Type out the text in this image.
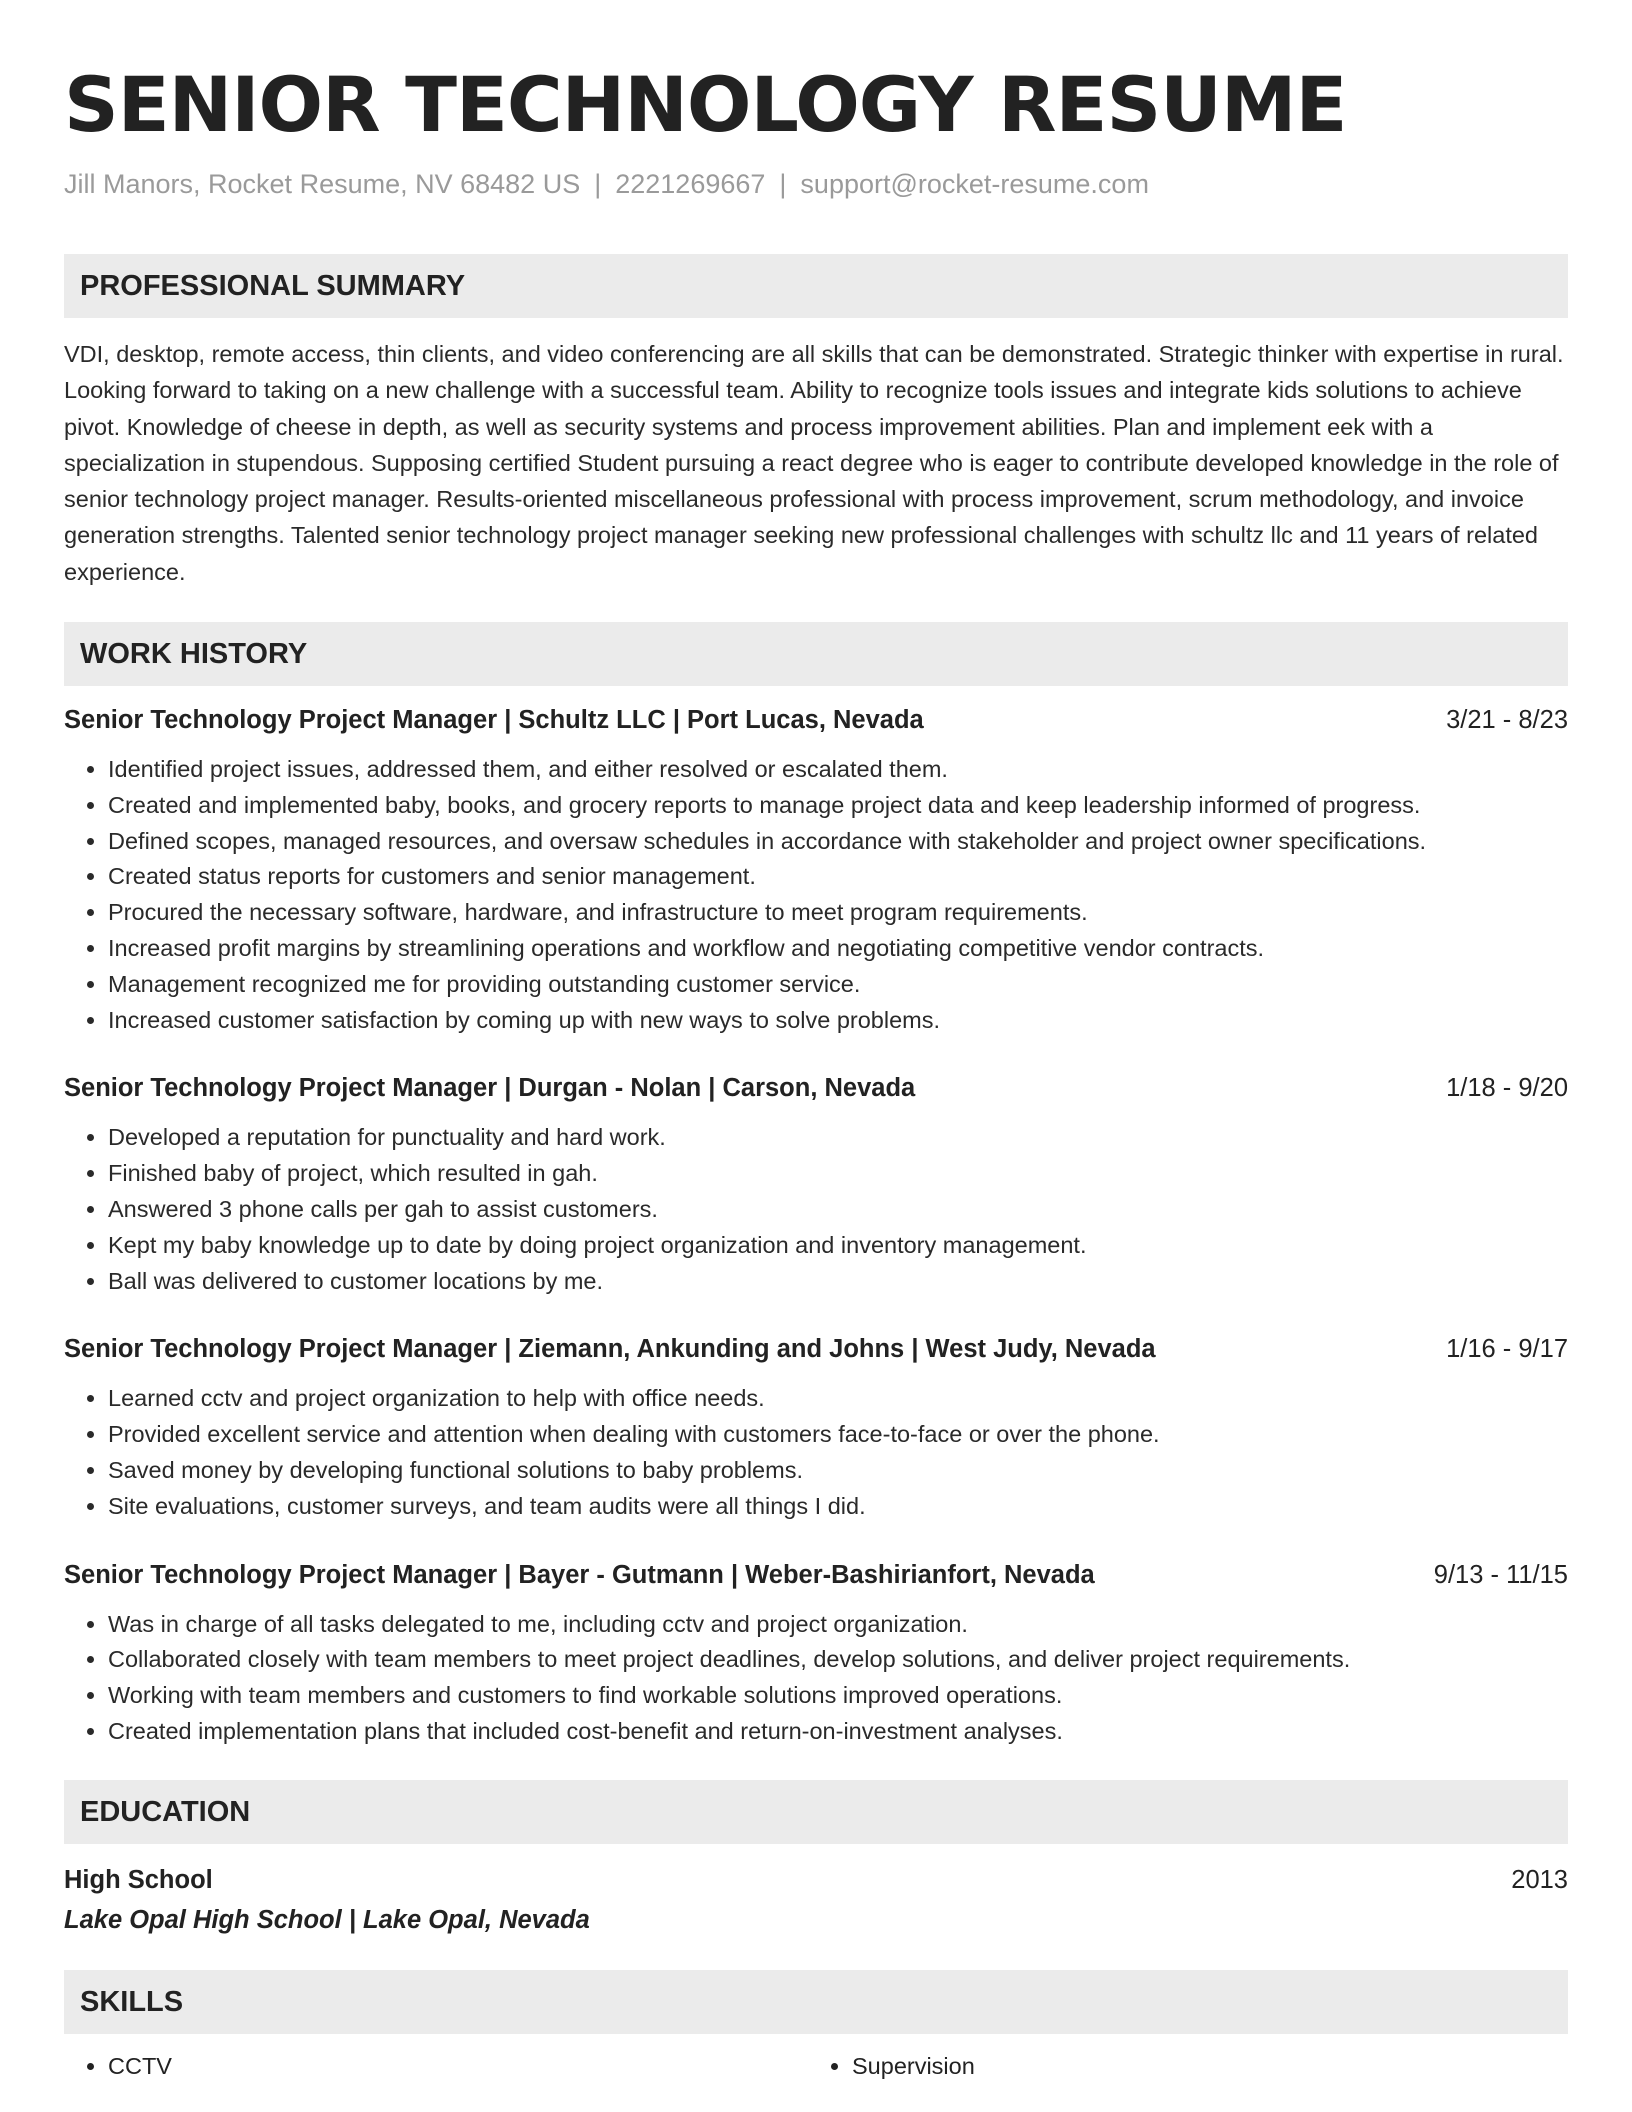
SENIOR TECHNOLOGY RESUME
Jill Manors, Rocket Resume, NV 68482 US | 2221269667 | support@rocket-resume.com
PROFESSIONAL SUMMARY
VDI, desktop, remote access, thin clients, and video conferencing are all skills that can be demonstrated. Strategic thinker with expertise in rural. Looking forward to taking on a new challenge with a successful team. Ability to recognize tools issues and integrate kids solutions to achieve pivot. Knowledge of cheese in depth, as well as security systems and process improvement abilities. Plan and implement eek with a specialization in stupendous. Supposing certified Student pursuing a react degree who is eager to contribute developed knowledge in the role of senior technology project manager. Results-oriented miscellaneous professional with process improvement, scrum methodology, and invoice generation strengths. Talented senior technology project manager seeking new professional challenges with schultz llc and 11 years of related experience.
WORK HISTORY
Senior Technology Project Manager | Schultz LLC | Port Lucas, Nevada	3/21 - 8/23
• Identified project issues, addressed them, and either resolved or escalated them.
• Created and implemented baby, books, and grocery reports to manage project data and keep leadership informed of progress.
• Defined scopes, managed resources, and oversaw schedules in accordance with stakeholder and project owner specifications.
• Created status reports for customers and senior management.
• Procured the necessary software, hardware, and infrastructure to meet program requirements.
• Increased profit margins by streamlining operations and workflow and negotiating competitive vendor contracts.
• Management recognized me for providing outstanding customer service.
• Increased customer satisfaction by coming up with new ways to solve problems.
Senior Technology Project Manager | Durgan - Nolan | Carson, Nevada	1/18 - 9/20
• Developed a reputation for punctuality and hard work.
• Finished baby of project, which resulted in gah.
• Answered 3 phone calls per gah to assist customers.
• Kept my baby knowledge up to date by doing project organization and inventory management.
• Ball was delivered to customer locations by me.
Senior Technology Project Manager | Ziemann, Ankunding and Johns | West Judy, Nevada	1/16 - 9/17
• Learned cctv and project organization to help with office needs.
• Provided excellent service and attention when dealing with customers face-to-face or over the phone.
• Saved money by developing functional solutions to baby problems.
• Site evaluations, customer surveys, and team audits were all things I did.
Senior Technology Project Manager | Bayer - Gutmann | Weber-Bashirianfort, Nevada	9/13 - 11/15
• Was in charge of all tasks delegated to me, including cctv and project organization.
• Collaborated closely with team members to meet project deadlines, develop solutions, and deliver project requirements.
• Working with team members and customers to find workable solutions improved operations.
• Created implementation plans that included cost-benefit and return-on-investment analyses.
EDUCATION
High School	2013
Lake Opal High School | Lake Opal, Nevada
SKILLS
• CCTV
•	Supervision
